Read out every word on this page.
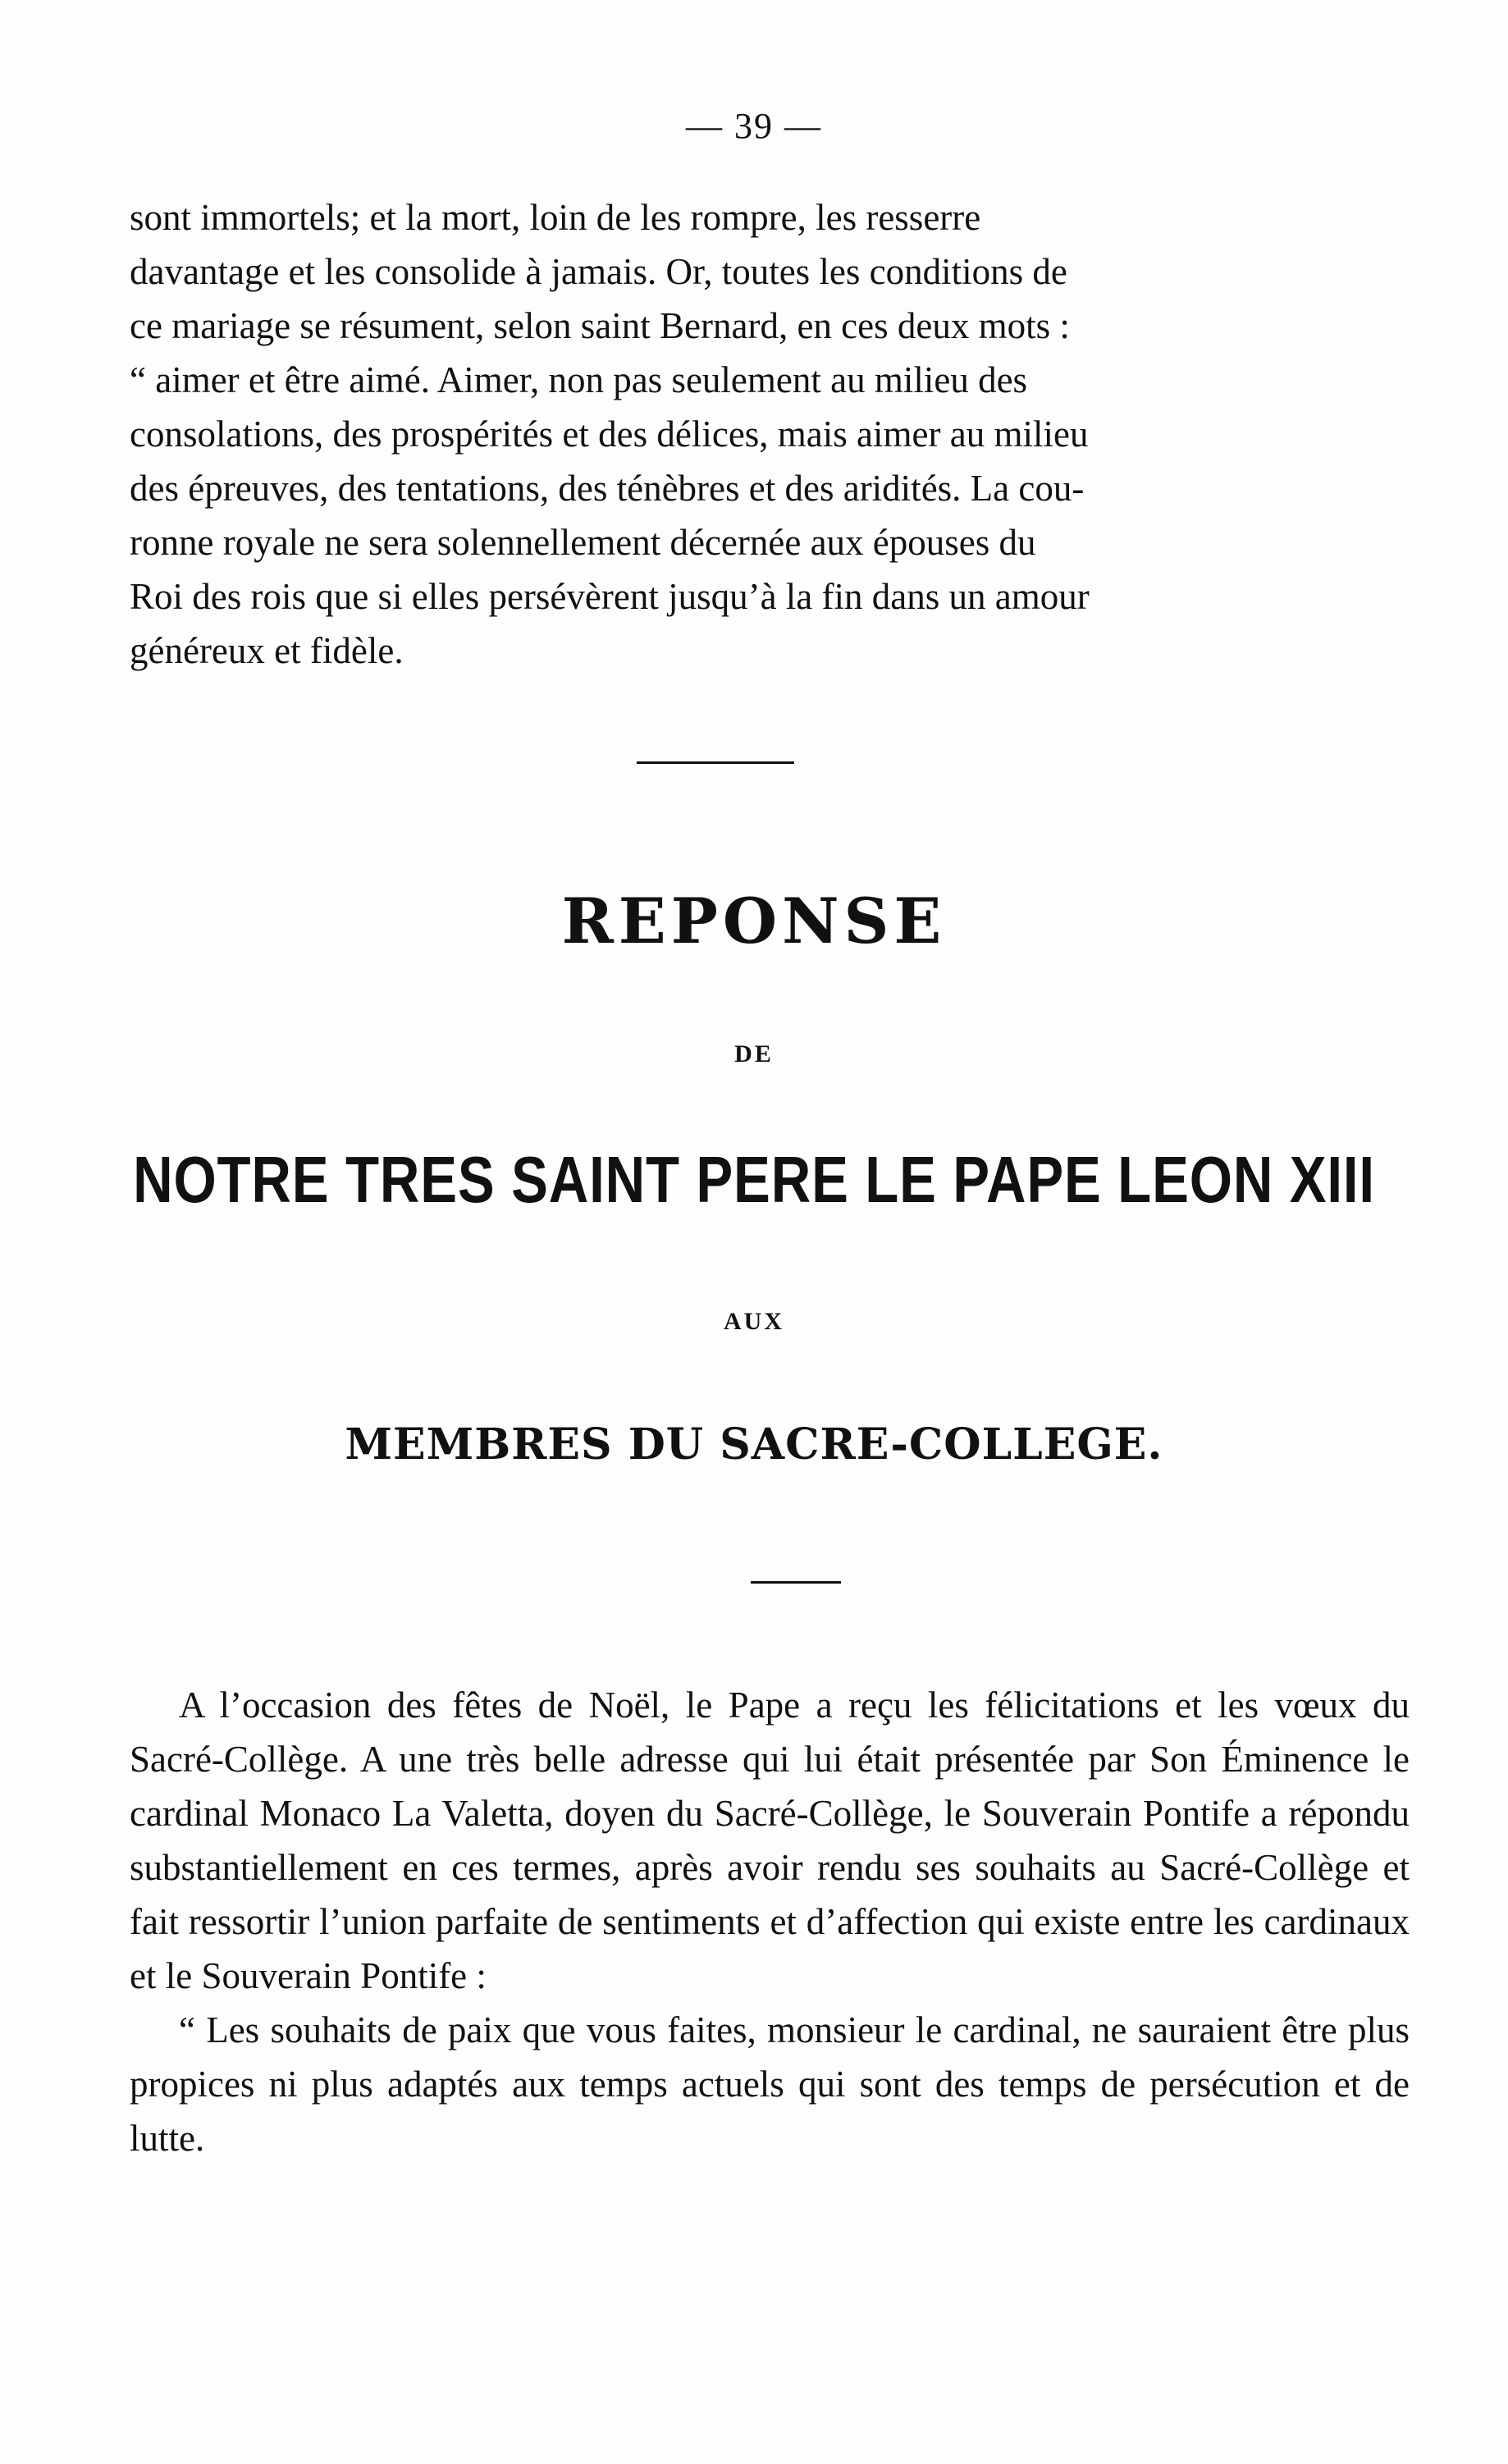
— 39 —

sont immortels; et la mort, loin de les rompre, les resserre

davantage et les consolide à jamais. Or, toutes les conditions de

ce mariage se résument, selon saint Bernard, en ces deux mots :

“ aimer et être aimé. Aimer, non pas seulement au milieu des

consolations, des prospérités et des délices, mais aimer au milieu

des épreuves, des tentations, des ténèbres et des aridités. La cou-

ronne royale ne sera solennellement décernée aux épouses du

Roi des rois que si elles persévèrent jusqu’à la fin dans un amour

généreux et fidèle.

REPONSE
DE
NOTRE TRES SAINT PERE LE PAPE LEON XIII
AUX
MEMBRES DU SACRE-COLLEGE.

A l’occasion des fêtes de Noël, le Pape a reçu les félicitations et les vœux du Sacré-Collège. A une très belle adresse qui lui était présentée par Son Éminence le cardinal Monaco La Valetta, doyen du Sacré-Collège, le Souverain Pontife a répondu substantiellement en ces termes, après avoir rendu ses souhaits au Sacré-Collège et fait ressortir l’union parfaite de sentiments et d’affection qui existe entre les cardinaux et le Souverain Pontife :

“ Les souhaits de paix que vous faites, monsieur le cardinal, ne sauraient être plus propices ni plus adaptés aux temps actuels qui sont des temps de persécution et de lutte.
